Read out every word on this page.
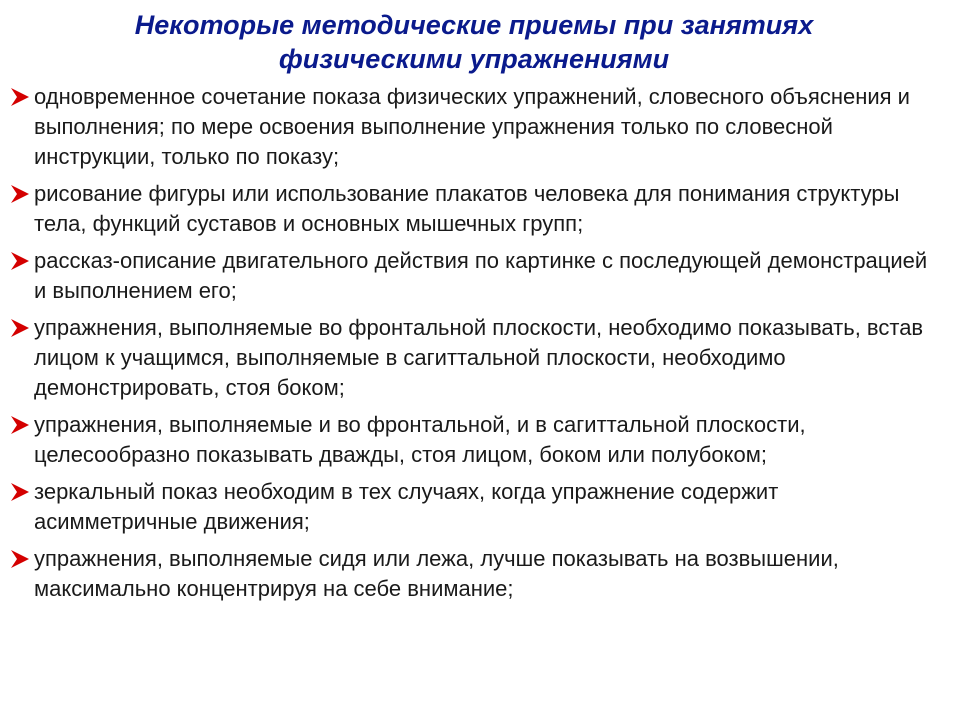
Некоторые методические приемы при занятиях
физическими упражнениями
одновременное сочетание показа физических упражнений, словесного объяснения и выполнения; по мере освоения выполнение упражнения только по словесной инструкции, только по показу;
рисование фигуры или использование плакатов человека для понимания структуры тела, функций суставов и основных мышечных групп;
рассказ-описание двигательного действия по картинке с последующей демонстрацией и выполнением его;
упражнения, выполняемые во фронтальной плоскости, необходимо показывать, встав лицом к учащимся, выполняемые в сагиттальной плоскости, необходимо демонстрировать, стоя боком;
упражнения, выполняемые и во фронтальной, и в сагиттальной плоскости, целесообразно показывать дважды, стоя лицом, боком или полубоком;
зеркальный показ необходим в тех случаях, когда упражнение содержит асимметричные движения;
упражнения, выполняемые сидя или лежа, лучше показывать на возвышении, максимально концентрируя на себе внимание;
